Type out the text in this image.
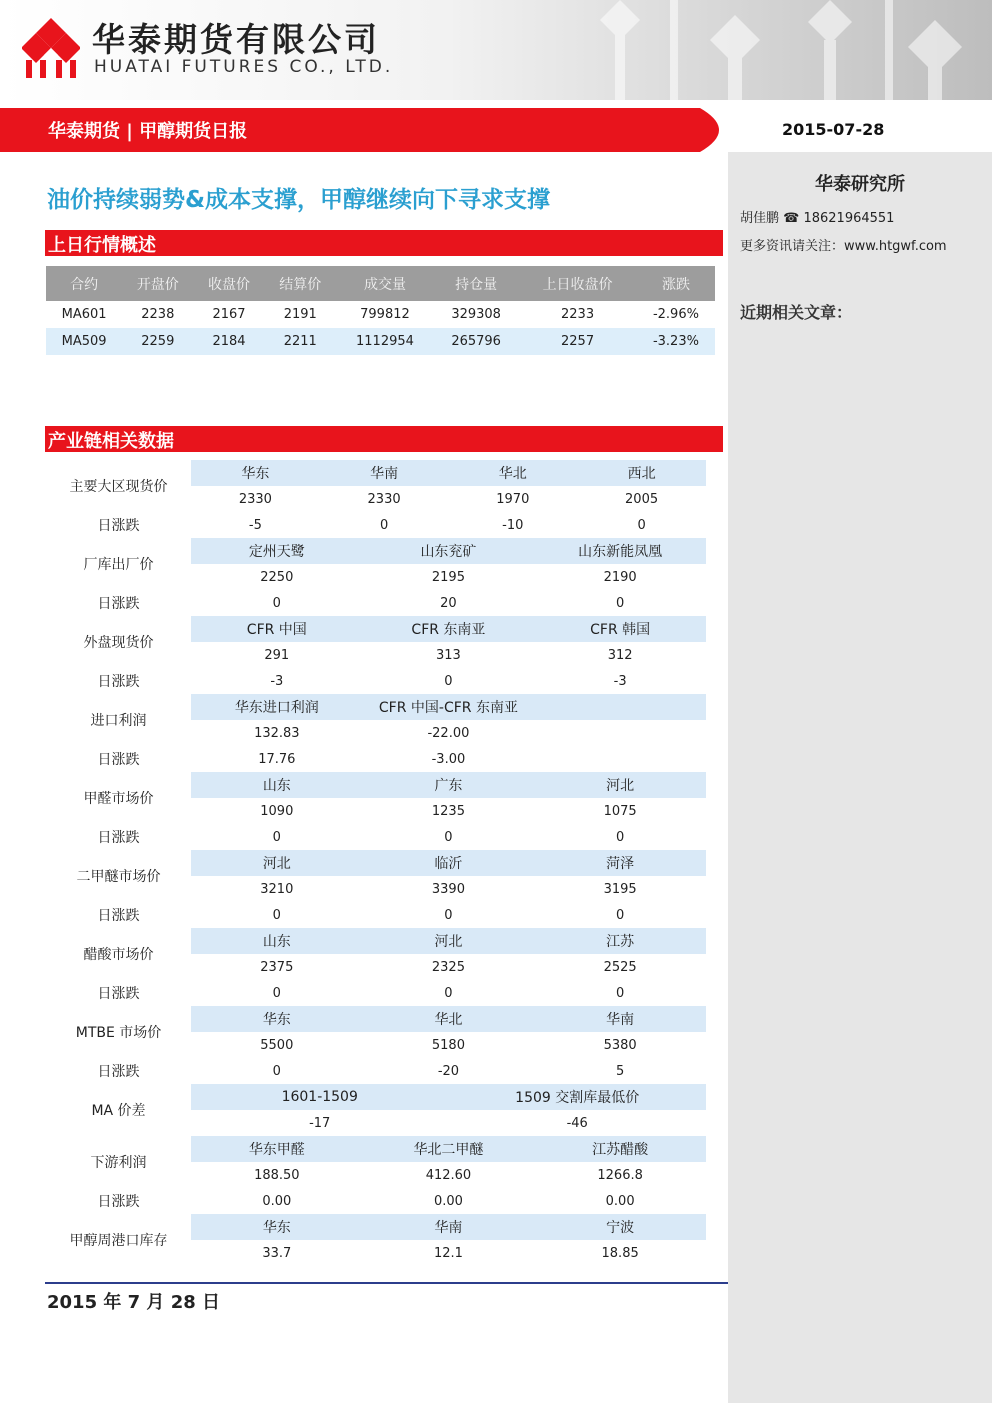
华泰期货有限公司
HUATAI FUTURES CO., LTD.
华泰期货 | 甲醇期货日报	2015-07-28
华泰研究所
胡佳鹏 ☎ 18621964551
更多资讯请关注：www.htgwf.com
近期相关文章：
油价持续弱势&成本支撑，甲醇继续向下寻求支撑
上日行情概述
合约	开盘价	收盘价	结算价	成交量	持仓量	上日收盘价	涨跌
MA601	2238	2167	2191	799812	329308	2233	-2.96%
MA509	2259	2184	2211	1112954	265796	2257	-3.23%
产业链相关数据

主要大区现货价	华东			华南			华北			西北		
	2330			2330			1970			2005		
日涨跌	-5			0			-10			0		
厂库出厂价	定州天鹭				山东兖矿				山东新能凤凰			
	2250				2195				2190			
日涨跌	0				20				0			
外盘现货价	CFR 中国				CFR 东南亚				CFR 韩国			
	291				313				312			
日涨跌	-3				0				-3			
进口利润	华东进口利润				CFR 中国-CFR 东南亚							
	132.83				-22.00							
日涨跌	17.76				-3.00							
甲醛市场价	山东				广东				河北			
	1090				1235				1075			
日涨跌	0				0				0			
二甲醚市场价	河北				临沂				菏泽			
	3210				3390				3195			
日涨跌	0				0				0			
醋酸市场价	山东				河北				江苏			
	2375				2325				2525			
日涨跌	0				0				0			
MTBE 市场价	华东				华北				华南			
	5500				5180				5380			
日涨跌	0				-20				5			
MA 价差	1601-1509						1509 交割库最低价					
	-17						-46					
下游利润	华东甲醛				华北二甲醚				江苏醋酸			
	188.50				412.60				1266.8			
日涨跌	0.00				0.00				0.00			
甲醇周港口库存	华东				华南				宁波			
	33.7				12.1				18.85			
2015 年 7 月 28 日
